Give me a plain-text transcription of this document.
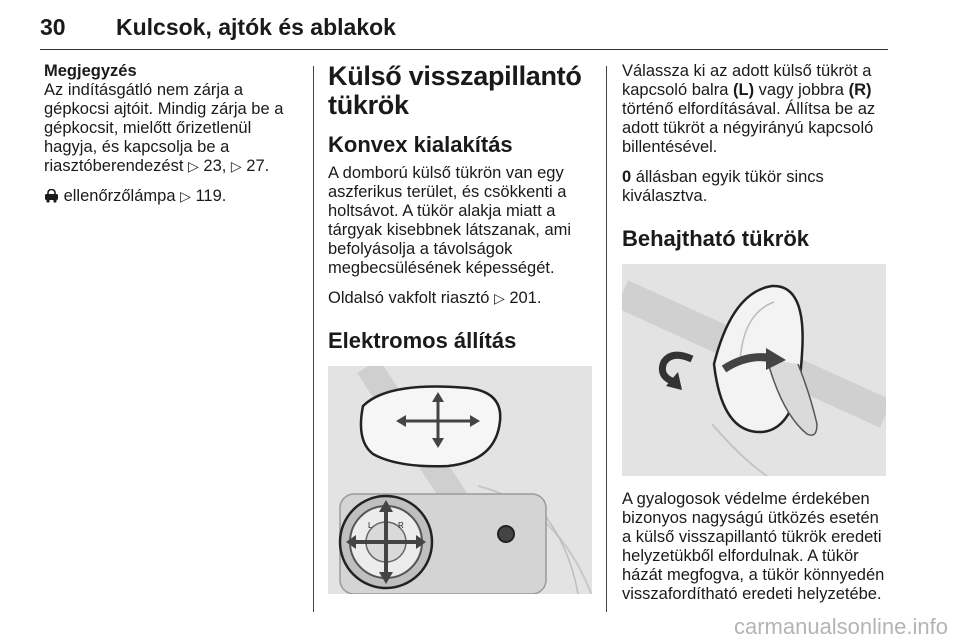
30 Kulcsok, ajtók és ablakok

Megjegyzés

Az indításgátló nem zárja a gépkocsi ajtóit. Mindig zárja be a gépkocsit, mielőtt őrizetlenül hagyja, és kapcsolja be a riasztóberendezést ▷ 23, ▷ 27.

ellenőrzőlámpa ▷ 119.

Külső visszapillantó tükrök

Konvex kialakítás

A domború külső tükrön van egy aszferikus terület, és csökkenti a holtsávot. A tükör alakja miatt a tárgyak kisebbnek látszanak, ami befolyásolja a távolságok megbecsülésének képességét.

Oldalsó vakfolt riasztó ▷ 201.

Elektromos állítás

L	R

Válassza ki az adott külső tükröt a kapcsoló balra (L) vagy jobbra (R) történő elfordításával. Állítsa be az adott tükröt a négyirányú kapcsoló billentésével.

0 állásban egyik tükör sincs kiválasztva.

Behajtható tükrök

A gyalogosok védelme érdekében bizonyos nagyságú ütközés esetén a külső visszapillantó tükrök eredeti helyzetükből elfordulnak. A tükör házát megfogva, a tükör könnyedén visszafordítható eredeti helyzetébe.

carmanualsonline.info
